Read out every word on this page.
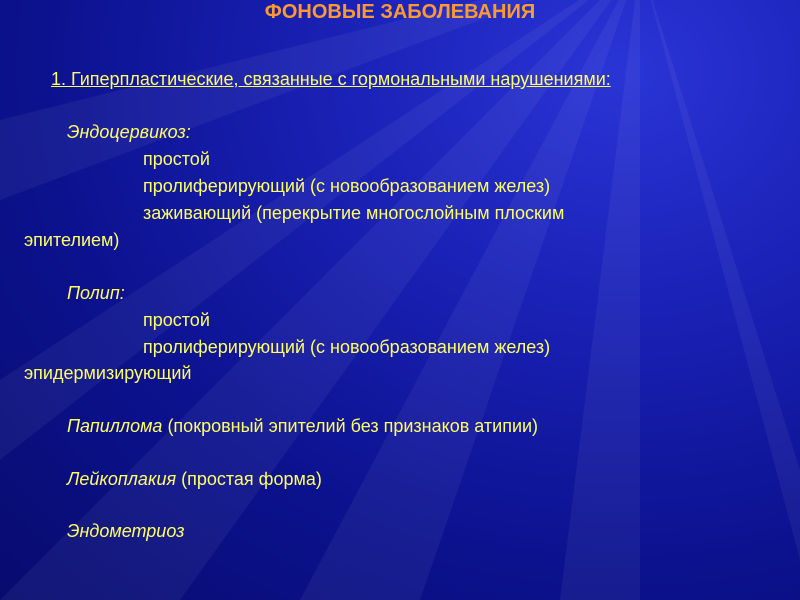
ФОНОВЫЕ ЗАБОЛЕВАНИЯ

1. Гиперпластические, связанные с гормональными нарушениями:

Эндоцервикоз:

простой

пролиферирующий (с новообразованием желез)

заживающий (перекрытие многослойным плоским

эпителием)

Полип:

простой

пролиферирующий (с новообразованием желез)

эпидермизирующий

Папиллома (покровный эпителий без признаков атипии)

Лейкоплакия (простая форма)

Эндометриоз
